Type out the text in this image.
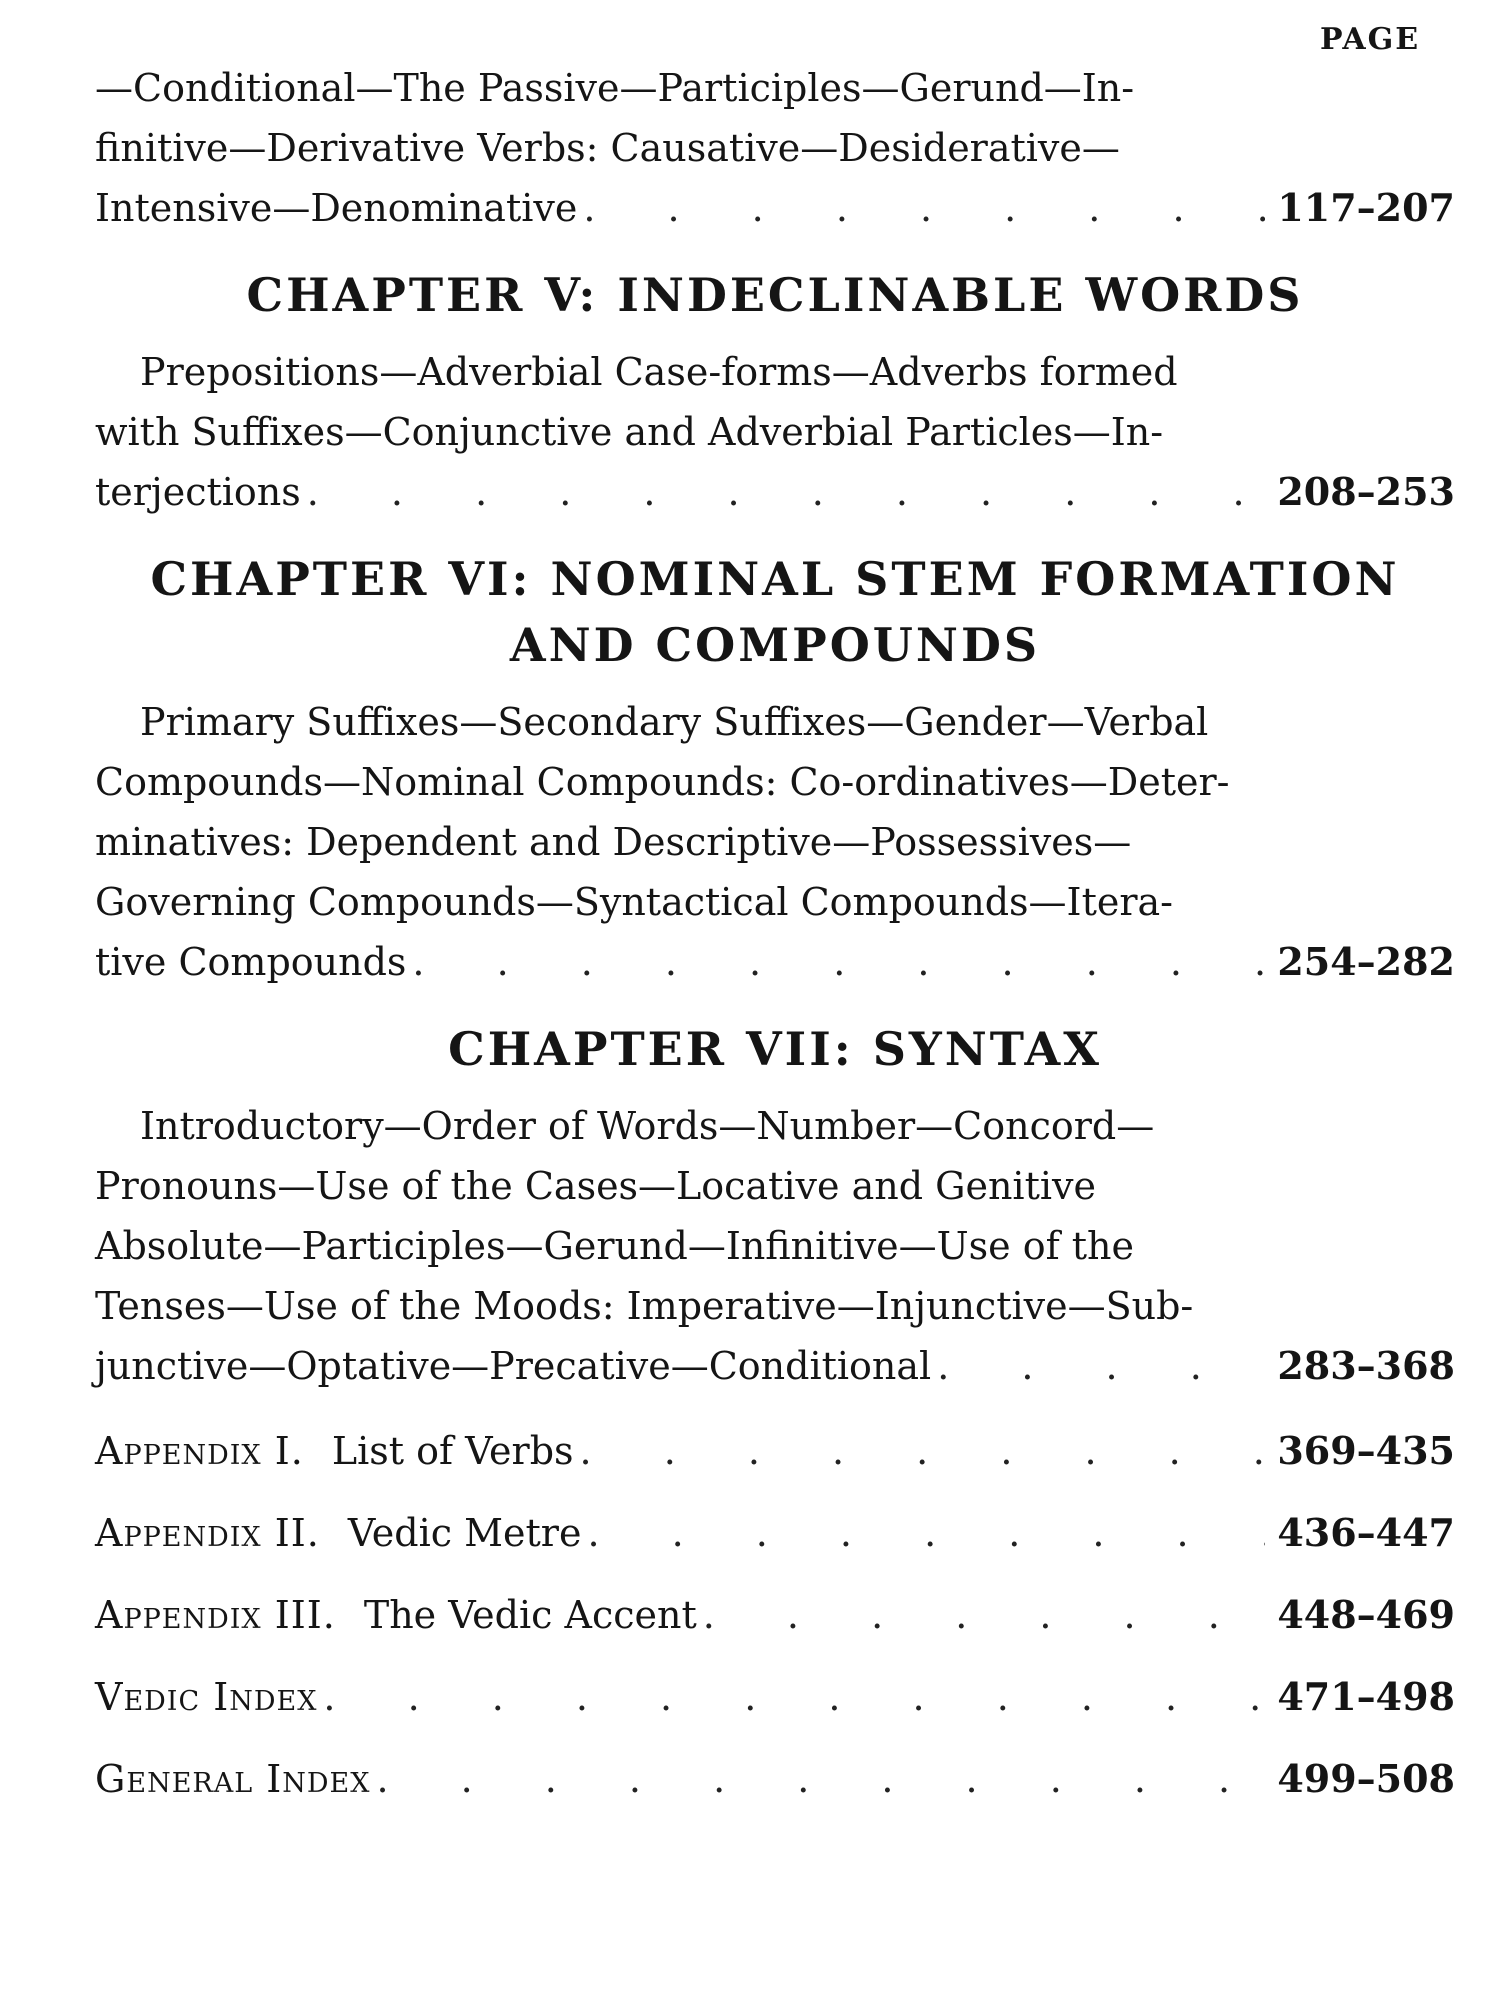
PAGE
—Conditional—The Passive—Participles—Gerund—In-
finitive—Derivative Verbs: Causative—Desiderative—
Intensive—Denominative . . .	117–207
CHAPTER V: INDECLINABLE WORDS
Prepositions—Adverbial Case-forms—Adverbs formed
with Suffixes—Conjunctive and Adverbial Particles—In-
terjections . . .	208–253
CHAPTER VI: NOMINAL STEM FORMATION
AND COMPOUNDS
Primary Suffixes—Secondary Suffixes—Gender—Verbal
Compounds—Nominal Compounds: Co-ordinatives—Deter-
minatives: Dependent and Descriptive—Possessives—
Governing Compounds—Syntactical Compounds—Itera-
tive Compounds . . .	254–282
CHAPTER VII: SYNTAX
Introductory—Order of Words—Number—Concord—
Pronouns—Use of the Cases—Locative and Genitive
Absolute—Participles—Gerund—Infinitive—Use of the
Tenses—Use of the Moods: Imperative—Injunctive—Sub-
junctive—Optative—Precative—Conditional . . .	283–368
Appendix I. List of Verbs . . .	369–435
Appendix II. Vedic Metre . . .	436–447
Appendix III. The Vedic Accent . . .	448–469
Vedic Index . . .	471–498
General Index . . .	499–508
